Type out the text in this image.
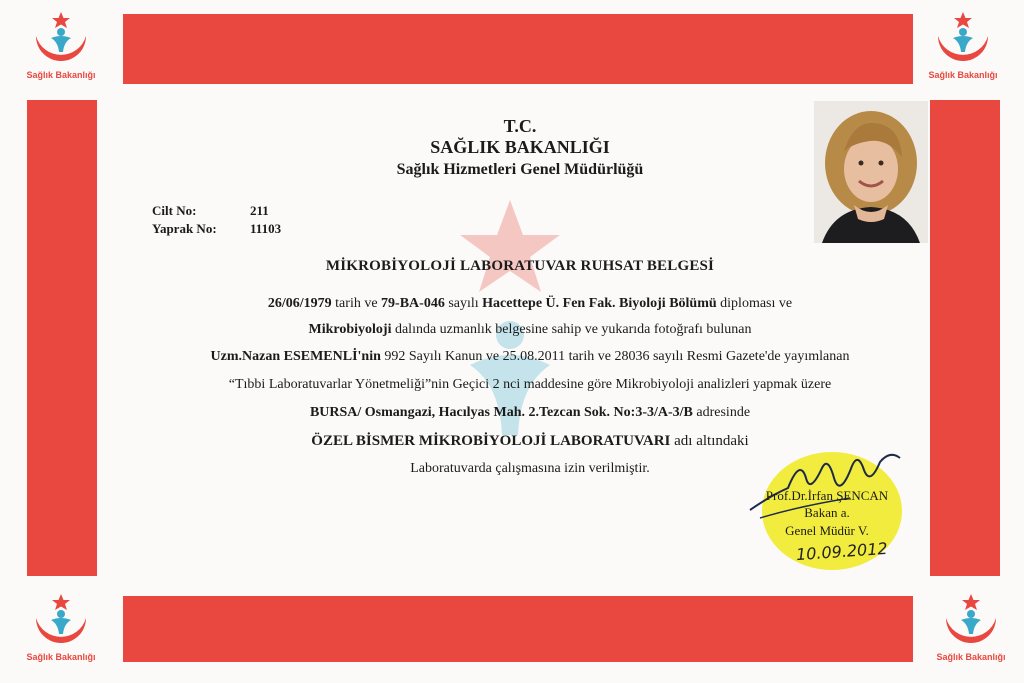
Sağlık Bakanlığı	Sağlık Bakanlığı
Sağlık Bakanlığı	Sağlık Bakanlığı
T.C.
SAĞLIK BAKANLIĞI
Sağlık Hizmetleri Genel Müdürlüğü
Cilt No:	211
Yaprak No:	11103
MİKROBİYOLOJİ LABORATUVAR RUHSAT BELGESİ
26/06/1979 tarih ve 79-BA-046 sayılı Hacettepe Ü. Fen Fak. Biyoloji Bölümü diploması ve
Mikrobiyoloji dalında uzmanlık belgesine sahip ve yukarıda fotoğrafı bulunan
Uzm.Nazan ESEMENLİ'nin 992 Sayılı Kanun ve 25.08.2011 tarih ve 28036 sayılı Resmi Gazete'de yayımlanan
“Tıbbi Laboratuvarlar Yönetmeliği”nin Geçici 2 nci maddesine göre Mikrobiyoloji analizleri yapmak üzere
BURSA/ Osmangazi, Hacılyas Mah. 2.Tezcan Sok. No:3-3/A-3/B adresinde
ÖZEL BİSMER MİKROBİYOLOJİ LABORATUVARI adı altındaki
Laboratuvarda çalışmasına izin verilmiştir.
Prof.Dr.İrfan ŞENCAN
Bakan a.
Genel Müdür V.
10.09.2012
